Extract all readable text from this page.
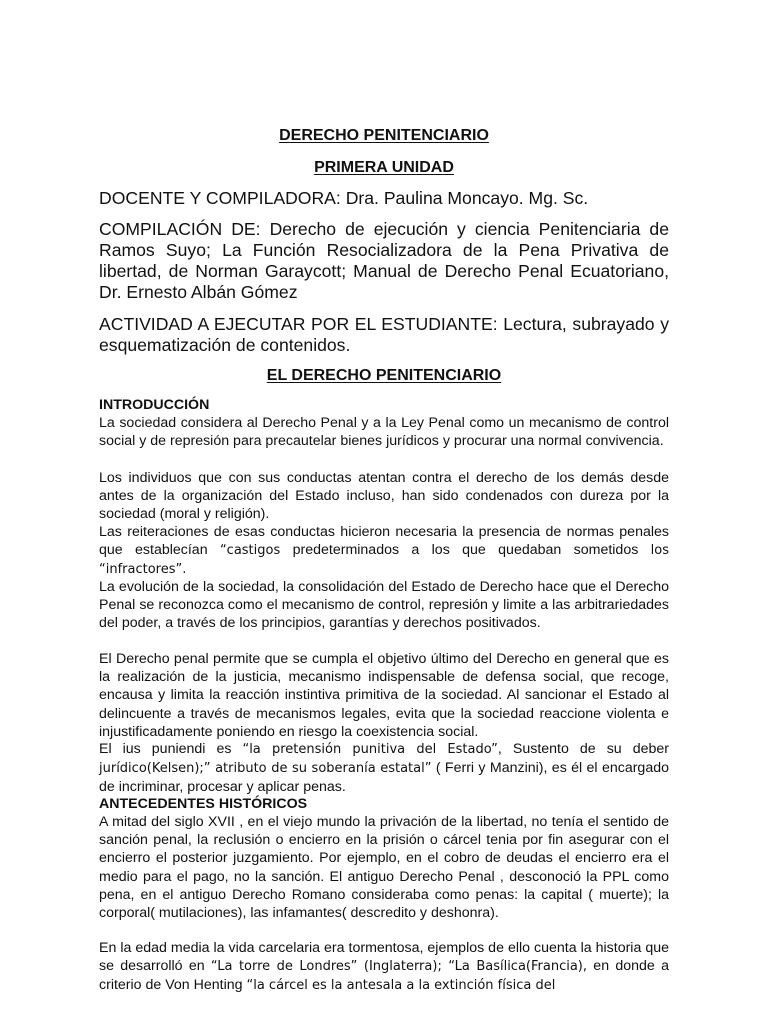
DERECHO PENITENCIARIO
PRIMERA UNIDAD
DOCENTE Y COMPILADORA: Dra. Paulina Moncayo. Mg. Sc.
COMPILACIÓN DE: Derecho de ejecución y ciencia Penitenciaria de Ramos Suyo; La Función Resocializadora de la Pena Privativa de libertad, de Norman Garaycott; Manual de Derecho Penal Ecuatoriano, Dr. Ernesto Albán Gómez
ACTIVIDAD A EJECUTAR POR EL ESTUDIANTE: Lectura, subrayado y esquematización de contenidos.
EL DERECHO PENITENCIARIO
INTRODUCCIÓN
La sociedad considera al Derecho Penal y a la Ley Penal como un mecanismo de control social y de represión para precautelar bienes jurídicos y procurar una normal convivencia.
Los individuos que con sus conductas atentan contra el derecho de los demás desde antes de la organización del Estado incluso, han sido condenados con dureza por la sociedad (moral y religión).
Las reiteraciones de esas conductas hicieron necesaria la presencia de normas penales que establecían “castigos predeterminados a los que quedaban sometidos los “infractores”.
La evolución de la sociedad, la consolidación del Estado de Derecho hace que el Derecho Penal se reconozca como el mecanismo de control, represión y limite a las arbitrariedades del poder, a través de los principios, garantías y derechos positivados.
El Derecho penal permite que se cumpla el objetivo último del Derecho en general que es la realización de la justicia, mecanismo indispensable de defensa social, que recoge, encausa y limita la reacción instintiva primitiva de la sociedad. Al sancionar el Estado al delincuente a través de mecanismos legales, evita que la sociedad reaccione violenta e injustificadamente poniendo en riesgo la coexistencia social.
El ius puniendi es “la pretensión punitiva del Estado”, Sustento de su deber jurídico(Kelsen);” atributo de su soberanía estatal” ( Ferri y Manzini), es él el encargado de incriminar, procesar y aplicar penas.
ANTECEDENTES HISTÓRICOS
A mitad del siglo XVII , en el viejo mundo la privación de la libertad, no tenía el sentido de sanción penal, la reclusión o encierro en la prisión o cárcel tenia por fin asegurar con el encierro el posterior juzgamiento. Por ejemplo, en el cobro de deudas el encierro era el medio para el pago, no la sanción. El antiguo Derecho Penal , desconoció la PPL como pena, en el antiguo Derecho Romano consideraba como penas: la capital ( muerte); la corporal( mutilaciones), las infamantes( descredito y deshonra).
En la edad media la vida carcelaria era tormentosa, ejemplos de ello cuenta la historia que se desarrolló en “La torre de Londres” (Inglaterra); “La Basílica(Francia), en donde a criterio de Von Henting “la cárcel es la antesala a la extinción física del
